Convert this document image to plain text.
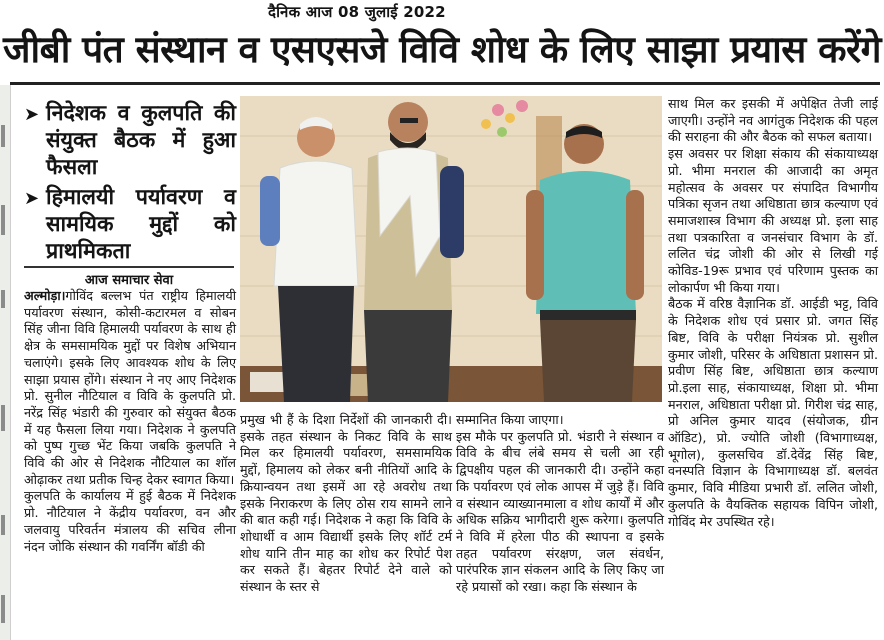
दैनिक आज 08 जुलाई 2022
जीबी पंत संस्थान व एसएसजे विवि शोध के लिए साझा प्रयास करेंगे
➤ निदेशक व कुलपति की संयुक्त बैठक में हुआ फैसला
➤ हिमालयी पर्यावरण व सामयिक मुद्दों को प्राथमिकता
आज समाचार सेवा

अल्मोड़ा।गोविंद बल्लभ पंत राष्ट्रीय हिमालयी पर्यावरण संस्थान, कोसी-कटारमल व सोबन सिंह जीना विवि हिमालयी पर्यावरण के साथ ही क्षेत्र के समसामयिक मुद्दों पर विशेष अभियान चलाएंगे। इसके लिए आवश्यक शोध के लिए साझा प्रयास होंगे। संस्थान ने नए आए निदेशक प्रो. सुनील नौटियाल व विवि के कुलपति प्रो. नरेंद्र सिंह भंडारी की गुरुवार को संयुक्त बैठक में यह फैसला लिया गया। निदेशक ने कुलपति को पुष्प गुच्छ भेंट किया जबकि कुलपति ने विवि की ओर से निदेशक नौटियाल का शॉल ओढ़ाकर तथा प्रतीक चिन्ह देकर स्वागत किया।

कुलपति के कार्यालय में हुई बैठक में निदेशक प्रो. नौटियाल ने केंद्रीय पर्यावरण, वन और जलवायु परिवर्तन मंत्रालय की सचिव लीना नंदन जोकि संस्थान की गवर्निंग बॉडी की

प्रमुख भी हैं के दिशा निर्देशों की जानकारी दी। इसके तहत संस्थान के निकट विवि के साथ मिल कर हिमालयी पर्यावरण, समसामयिक मुद्दों, हिमालय को लेकर बनी नीतियों आदि के क्रियान्वयन तथा इसमें आ रहे अवरोध तथा इसके निराकरण के लिए ठोस राय सामने लाने की बात कही गई। निदेशक ने कहा कि विवि के शोधार्थी व आम विद्यार्थी इसके लिए शॉर्ट टर्म शोध यानि तीन माह का शोध कर रिपोर्ट पेश कर सकते हैं। बेहतर रिपोर्ट देने वाले को संस्थान के स्तर से

सम्मानित किया जाएगा।

इस मौके पर कुलपति प्रो. भंडारी ने संस्थान व विवि के बीच लंबे समय से चली आ रही द्विपक्षीय पहल की जानकारी दी। उन्होंने कहा कि पर्यावरण एवं लोक आपस में जुड़े हैं। विवि व संस्थान व्याख्यानमाला व शोध कार्यों में और अधिक सक्रिय भागीदारी शुरू करेगा। कुलपति ने विवि में हरेला पीठ की स्थापना व इसके तहत पर्यावरण संरक्षण, जल संवर्धन, पारंपरिक ज्ञान संकलन आदि के लिए किए जा रहे प्रयासों को रखा। कहा कि संस्थान के

साथ मिल कर इसकी में अपेक्षित तेजी लाई जाएगी। उन्होंने नव आगंतुक निदेशक की पहल की सराहना की और बैठक को सफल बताया।

इस अवसर पर शिक्षा संकाय की संकायाध्यक्ष प्रो. भीमा मनराल की आजादी का अमृत महोत्सव के अवसर पर संपादित विभागीय पत्रिका सृजन तथा अधिष्ठाता छात्र कल्याण एवं समाजशास्त्र विभाग की अध्यक्ष प्रो. इला साह तथा पत्रकारिता व जनसंचार विभाग के डॉ. ललित चंद्र जोशी की ओर से लिखी गई कोविड-19रू प्रभाव एवं परिणाम पुस्तक का लोकार्पण भी किया गया।

बैठक में वरिष्ठ वैज्ञानिक डॉ. आईडी भट्ट, विवि के निदेशक शोध एवं प्रसार प्रो. जगत सिंह बिष्ट, विवि के परीक्षा नियंत्रक प्रो. सुशील कुमार जोशी, परिसर के अधिष्ठाता प्रशासन प्रो. प्रवीण सिंह बिष्ट, अधिष्ठाता छात्र कल्याण प्रो.इला साह, संकायाध्यक्ष, शिक्षा प्रो. भीमा मनराल, अधिष्ठाता परीक्षा प्रो. गिरीश चंद्र साह, प्रो अनिल कुमार यादव (संयोजक, ग्रीन ऑडिट), प्रो. ज्योति जोशी (विभागाध्यक्ष, भूगोल), कुलसचिव डॉ.देवेंद्र सिंह बिष्ट, वनस्पति विज्ञान के विभागाध्यक्ष डॉ. बलवंत कुमार, विवि मीडिया प्रभारी डॉ. ललित जोशी, कुलपति के वैयक्तिक सहायक विपिन जोशी, गोविंद मेर उपस्थित रहे।
